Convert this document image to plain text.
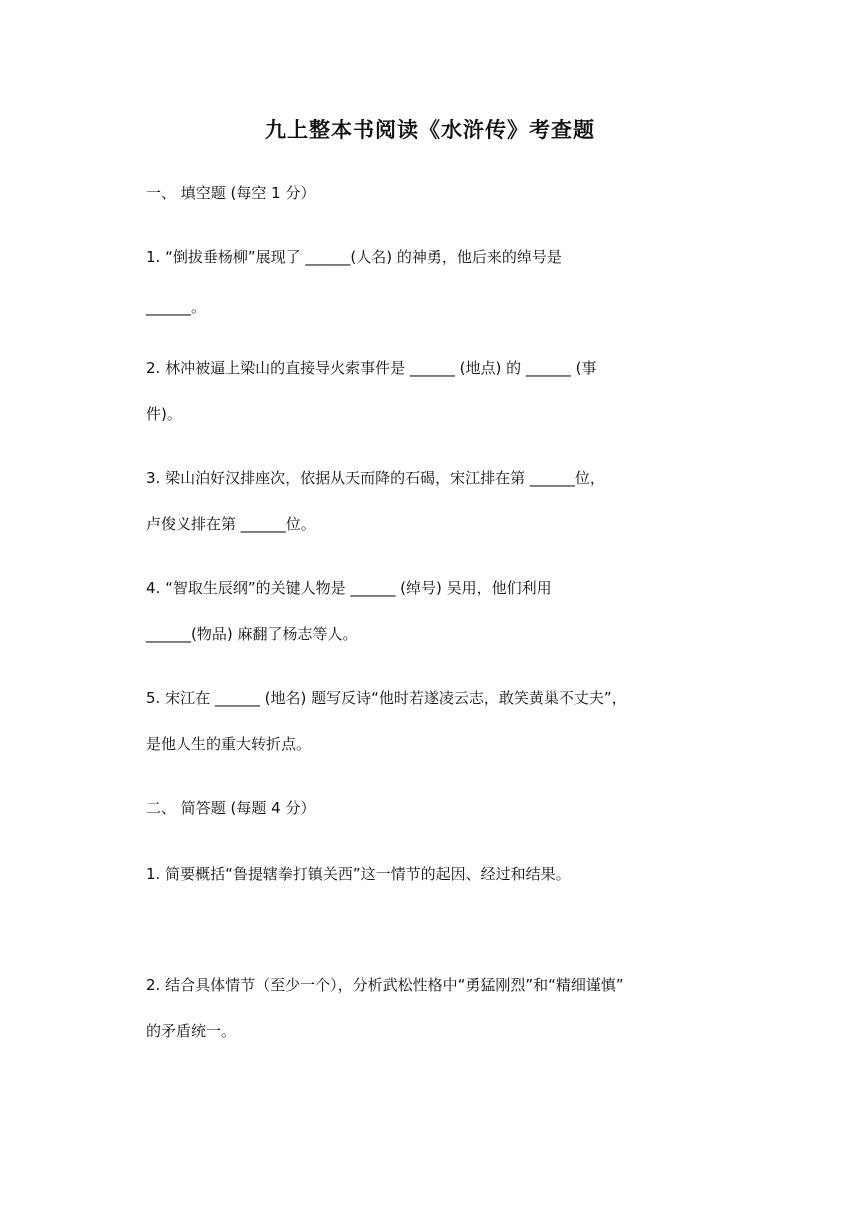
九上整本书阅读《水浒传》考查题
一、 填空题 (每空 1 分）
1. “倒拔垂杨柳”展现了 ______(人名) 的神勇，他后来的绰号是
______。
2. 林冲被逼上梁山的直接导火索事件是 ______ (地点) 的 ______ (事
件)。
3. 梁山泊好汉排座次，依据从天而降的石碣，宋江排在第 ______位，
卢俊义排在第 ______位。
4. “智取生辰纲”的关键人物是 ______ (绰号) 吴用，他们利用
______(物品) 麻翻了杨志等人。
5. 宋江在 ______ (地名) 题写反诗“他时若遂凌云志，敢笑黄巢不丈夫”，
是他人生的重大转折点。
二、 简答题 (每题 4 分）
1. 简要概括“鲁提辖拳打镇关西”这一情节的起因、经过和结果。
2. 结合具体情节（至少一个），分析武松性格中“勇猛刚烈”和“精细谨慎”
的矛盾统一。
